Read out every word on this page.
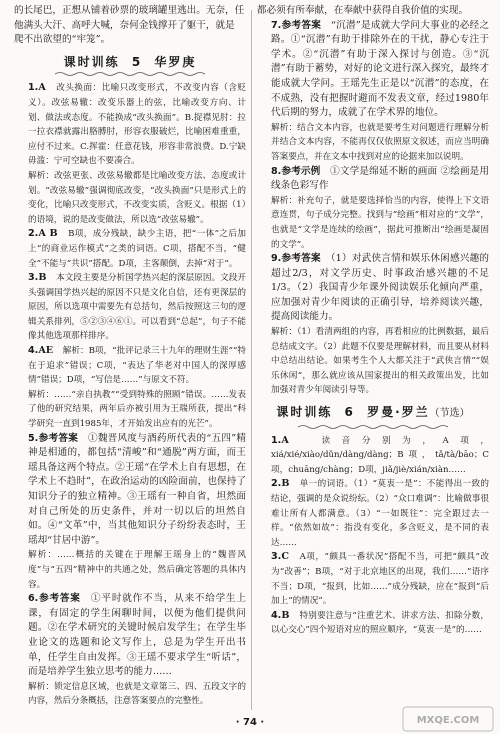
的长尾巴，正想从铺着砂票的玻璃罐里逃出。无奈，任

他满头大汗、高呼大喊，奈何金钱撑开了躯干，就是

爬不出欲望的“牢笼”。

课时训练 5 华罗庚

1.A　 改头换面：比喻只改变形式，不改变内容（含贬义）。改弦易辙：改变乐器上的弦，比喻改变方向、计划、做法或态度。不能换成“改头换面”。B.捉襟见肘：拉一拉衣襟就露出胳膊肘，形容衣服破烂，比喻困难重重，应付不过来。C.挥霍：任意花钱，形容非常浪费。D.宁缺毋滥：宁可空缺也不要凑合。

解析：改弦更张、改弦易辙都是比喻改变方法、态度或计划。“改弦易辙”强调彻底改变，“改头换面”只是形式上的变化，比喻只改变形式，不改变实质，含贬义。根据（1）的语境，说的是改变做法，所以选“改弦易辙”。

2.A B　 B项，成分残缺，缺少主语，把“一体”之后加上“的商业运作模式”之类的词语。C项，搭配不当，“健全”不能与“共识”搭配。D项，主客颠倒，去掉“对于”。

3.B　 本文段主要是分析国学热兴起的深层原因。文段开头强调国学热兴起的原因不只是文化自信，还有更深层的原因，所以选项中需要先有总括句，然后按照这三句的逻辑关系排列，⑤②③④⑥①。可以看到“总起”，句子不能像其他选项那样排序。

4.AE　 解析：B项，“批评记录三十九年的理财生涯”“特在于追求”错误；C项，“表达了华老对中国人的深厚感情”错误；D项，“写信是……”与原文不符。

解析：……“亲自执教”“受到特殊的照顾”错误。……发表了他的研究结果，两年后亦被引用为王瑞所获，提出“科学研究一直到1985年，才开始发出应有的光芒”。

5.参考答案　 ①魏晋风度与酒药所代表的“五四”精神是相通的，都包括“清峻”和“通脱”两方面，而王瑶具备这两个特点。②王瑶“在学术上自有思想，在学术上不趋时”，在政治运动的凶险面前，也保持了知识分子的独立精神。③王瑶有一种自省，坦然面对自己所处的历史条件，并对一切以后的坦然自如。④“文革”中，当其他知识分子纷纷表态时，王瑶却“甘居中游”。

解析：……概括的关键在于理解王瑶身上的“魏晋风度”与“五四”精神中的共通之处，然后确定答题的具体内容。

6.参考答案　 ①平时就作不当，从来不给学生上课，有固定的学生闲聊时间，以便为他们提供问题。②在学术研究的关键时候启发学生；在学生毕业论文的选题和论文写作上，总是为学生开出书单，任学生自由发挥。③王瑶不要求学生“听话”，而是培养学生独立思考的能力……

解析：锁定信息区域，也就是文章第三、四、五段文字的内容，然后分条概括，注意答案要点的完整性。

都必须有所奉献，在奉献中获得自我价值的实现。

7.参考答案　 “沉潜”是成就大学问大事业的必经之路。①“沉潜”有助于排除外在的干扰，静心专注于学术。②“沉潜”有助于深入探讨与创造。③“沉潜”有助于蓄势，对好的论文进行深入探究，最终才能成就大学问。王瑶先生正是以“沉潜”的态度，在不成熟，没有把握时避而不发表文章，经过1980年代后期的努力，成就了在学术界的地位。

解析：结合文本内容，也就是要考生对问题进行理解分析并结合文本内容，不能再仅仅依照原文叙述，而应当明确答案要点，并在文本中找到对应的论据来加以说明。

8.参考示例　 ①文学是绵延不断的画面 ②绘画是用线条色彩写作

解析：补充句子，就是要选择恰当的内容，使得上下文语意连贯，句子成分完整。找到与“绘画”相对应的“文学”，也就是“文学是连续的绘画”，据此可推断出“绘画是凝固的文学”。

9.参考答案　 （1）对武侠言情和娱乐休闲感兴趣的超过2/3，对文学历史、时事政治感兴趣的不足1/3。（2）我国青少年课外阅读娱乐化倾向严重，应加强对青少年阅读的正确引导，培养阅读兴趣，提高阅读能力。

解析：（1）看清两组的内容，再看相应的比例数据，最后总结成文字。（2）此题不仅要是理解材料，而且要从材料中总结出结论。如果考生个人大都关注于“武侠言情”“娱乐休闲”，那么就应该从国家提出的相关政策出发，比如加强对青少年阅读引导等。

课时训练 6 罗曼·罗兰（节选）

1.A　	读音分别为，A项，xiá/xié/xiào/dǔn/dàng/dàng；B项，tǎ/tà/bāo；C项，chuāng/chàng；D项，jiǎ/jiè/xián/xiàn……

2.B　 单一的词语。（1）“莫衷一是”：不能得出一致的结论，强调的是众说纷纭。（2）“众口难调”：比喻做事很难让所有人都满意。（3）“一如既往”：完全跟过去一样。“依然如故”：指没有变化，多含贬义，是不同的表达……

3.C　 A项，“颇具一番状况”搭配不当，可把“颇具”改为“改善”；B项，“对于北京地区的出现，我们……”语序不当；D项，“报到，比如……”成分残缺，应在“报到”后加上“的情况”。

4.B　 特别要注意与“注重艺术、讲求方法、扣除分数，以心交心”四个短语对应的照应顺序，“莫衷一是”的……

· 74 ·	MXQE.COM
